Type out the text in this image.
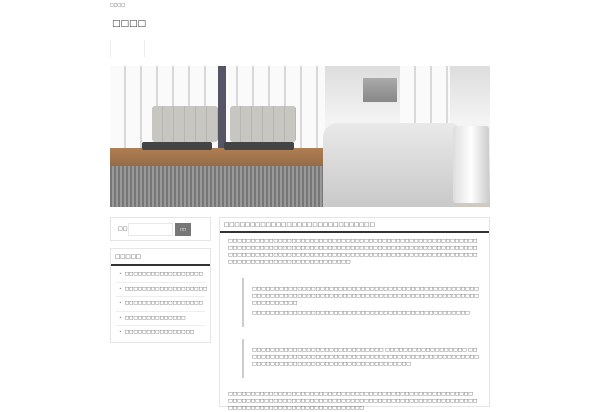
□□□□
□□□□
□□	□□
□□□□□
• □□□□□□□□□□□□□□□□□□
• □□□□□□□□□□□□□□□□□□□
• □□□□□□□□□□□□□□□□□□
• □□□□□□□□□□□□□□
• □□□□□□□□□□□□□□□□
□□□□□□□□□□□□□□□□□□□□□□□□□□□□□

□□□□□□□□□□□□□□□□□□□□□□□□□□□□□□□□□□□□□□□□□□□□□□□□□□□□□□□□□□□□□□□□□□□□□□□□□□□□□□□□□□□□□□□□□□□□□□□□□□□□□□□□□□□□□□□□□□□□□□□□□□□□□□□□□□□□□□□□□□□□□□□□□□□□□□□□□□□□□□□□□□□□□□□□□□□□□□□□□□□□□□□□□□□□□□□□

□□□□□□□□□□□□□□□□□□□□□□□□□□□□□□□□□□□□□□□□□□□□□□□□□□□□□□□□□□□□□□□□□□□□□□□□□□□□□□□□□□□□□□□□□□□□□□□□□□□□□□□□□□□□□□

□□□□□□□□□□□□□□□□□□□□□□□□□□□□□□□□□□□□□□□□□□□□□□□□

□□□□□□□□□□□□□□□□□□□□□□□□□□□□□ □□□□□□□□□□□□□□□□□□ □□□□□□□□□□□□□□□□□□□□□□□□□□□□□□□□□□□□□□□□□□□□□□□□□□□□□□□□□□□□□□□□□□□□□□□□□□□□□□□□□□□□□□□

□□□□□□□□□□□□□□□□□□□□□□□□□□□□□□□□□□□□□□□□□□□□□□□□□□□□□□

□□□□□□□□□□□□□□□□□□□□□□□□□□□□□□□□□□□□□□□□□□□□□□□□□□□□□□□□□□□□□□□□□□□□□□□□□□□□□□□□□□□□□
